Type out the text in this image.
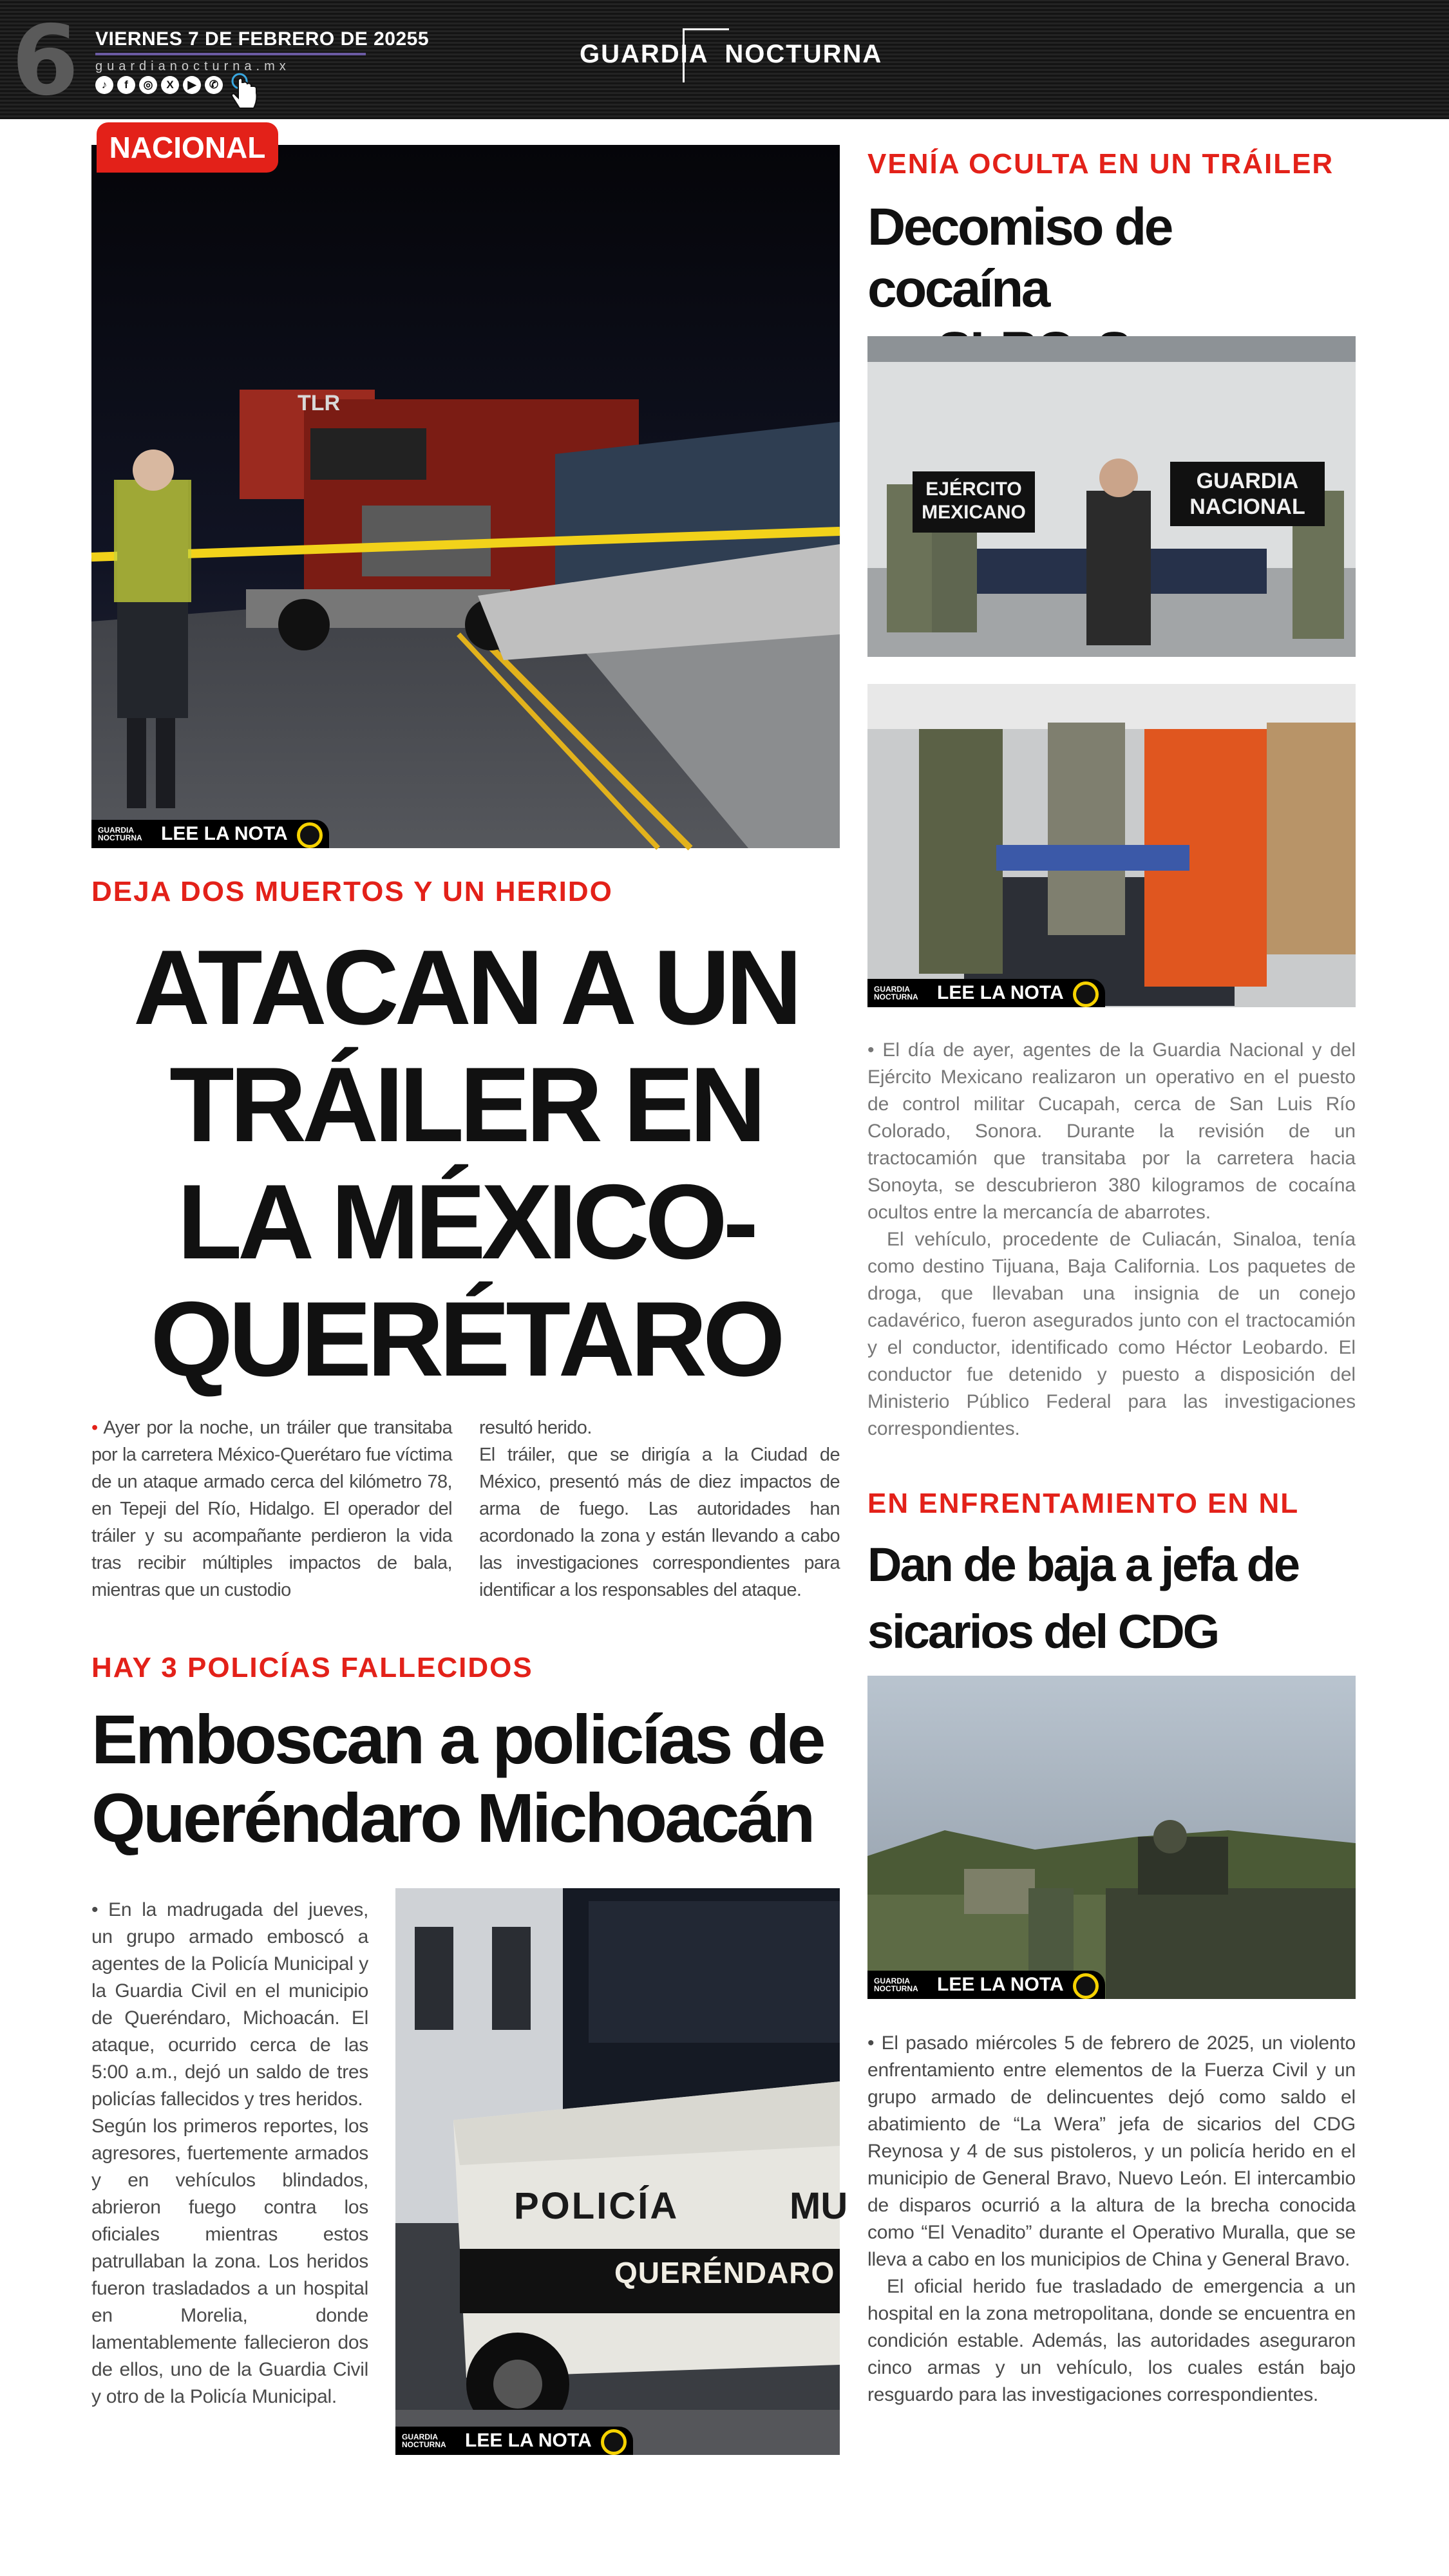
6 VIERNES 7 DE FEBRERO DE 20255
guardianocturna.mx
♪	f	◎	X	▶	✆
GUARDIA  NOCTURNA
TLR
GUARDIA NOCTURNA LEE LA NOTA
NACIONAL
DEJA DOS MUERTOS Y UN HERIDO
ATACAN A UN
TRÁILER EN
LA MÉXICO-
QUERÉTARO

• Ayer por la noche, un tráiler que transitaba por la carretera México-Querétaro fue víctima de un ataque armado cerca del kilómetro 78, en Tepeji del Río, Hidalgo. El operador del tráiler y su acompañante perdieron la vida tras recibir múltiples impactos de bala, mientras que un custodio

resultó herido.

El tráiler, que se dirigía a la Ciudad de México, presentó más de diez impactos de arma de fuego. Las autoridades han acordonado la zona y están llevando a cabo las investigaciones correspondientes para identificar a los responsables del ataque.

HAY 3 POLICÍAS FALLECIDOS
Emboscan a policías de
Queréndaro Michoacán

• En la madrugada del jueves, un grupo armado emboscó a agentes de la Policía Municipal y la Guardia Civil en el municipio de Queréndaro, Michoacán. El ataque, ocurrido cerca de las 5:00 a.m., dejó un saldo de tres policías fallecidos y tres heridos.

Según los primeros reportes, los agresores, fuertemente armados y en vehículos blindados, abrieron fuego contra los oficiales mientras estos patrullaban la zona. Los heridos fueron trasladados a un hospital en Morelia, donde lamentablemente fallecieron dos de ellos, uno de la Guardia Civil y otro de la Policía Municipal.

POLICÍA	MU
QUERÉNDARO
GUARDIA NOCTURNA LEE LA NOTA
VENÍA OCULTA EN UN TRÁILER
Decomiso de cocaína
EJÉRCITO
MEXICANO
GUARDIA
NACIONAL
GUARDIA NOCTURNA LEE LA NOTA

• El día de ayer, agentes de la Guardia Nacional y del Ejército Mexicano realizaron un operativo en el puesto de control militar Cucapah, cerca de San Luis Río Colorado, Sonora. Durante la revisión de un tractocamión que transitaba por la carretera hacia Sonoyta, se descubrieron 380 kilogramos de cocaína ocultos entre la mercancía de abarrotes.

El vehículo, procedente de Culiacán, Sinaloa, tenía como destino Tijuana, Baja California. Los paquetes de droga, que llevaban una insignia de un conejo cadavérico, fueron asegurados junto con el tractocamión y el conductor, identificado como Héctor Leobardo. El conductor fue detenido y puesto a disposición del Ministerio Público Federal para las investigaciones correspondientes.

EN ENFRENTAMIENTO EN NL
Dan de baja a jefa de
sicarios del CDG
GUARDIA NOCTURNA LEE LA NOTA

• El pasado miércoles 5 de febrero de 2025, un violento enfrentamiento entre elementos de la Fuerza Civil y un grupo armado de delincuentes dejó como saldo el abatimiento de “La Wera” jefa de sicarios del CDG Reynosa y 4 de sus pistoleros, y un policía herido en el municipio de General Bravo, Nuevo León. El intercambio de disparos ocurrió a la altura de la brecha conocida como “El Venadito” durante el Operativo Muralla, que se lleva a cabo en los municipios de China y General Bravo.

El oficial herido fue trasladado de emergencia a un hospital en la zona metropolitana, donde se encuentra en condición estable. Además, las autoridades aseguraron cinco armas y un vehículo, los cuales están bajo resguardo para las investigaciones correspondientes.
